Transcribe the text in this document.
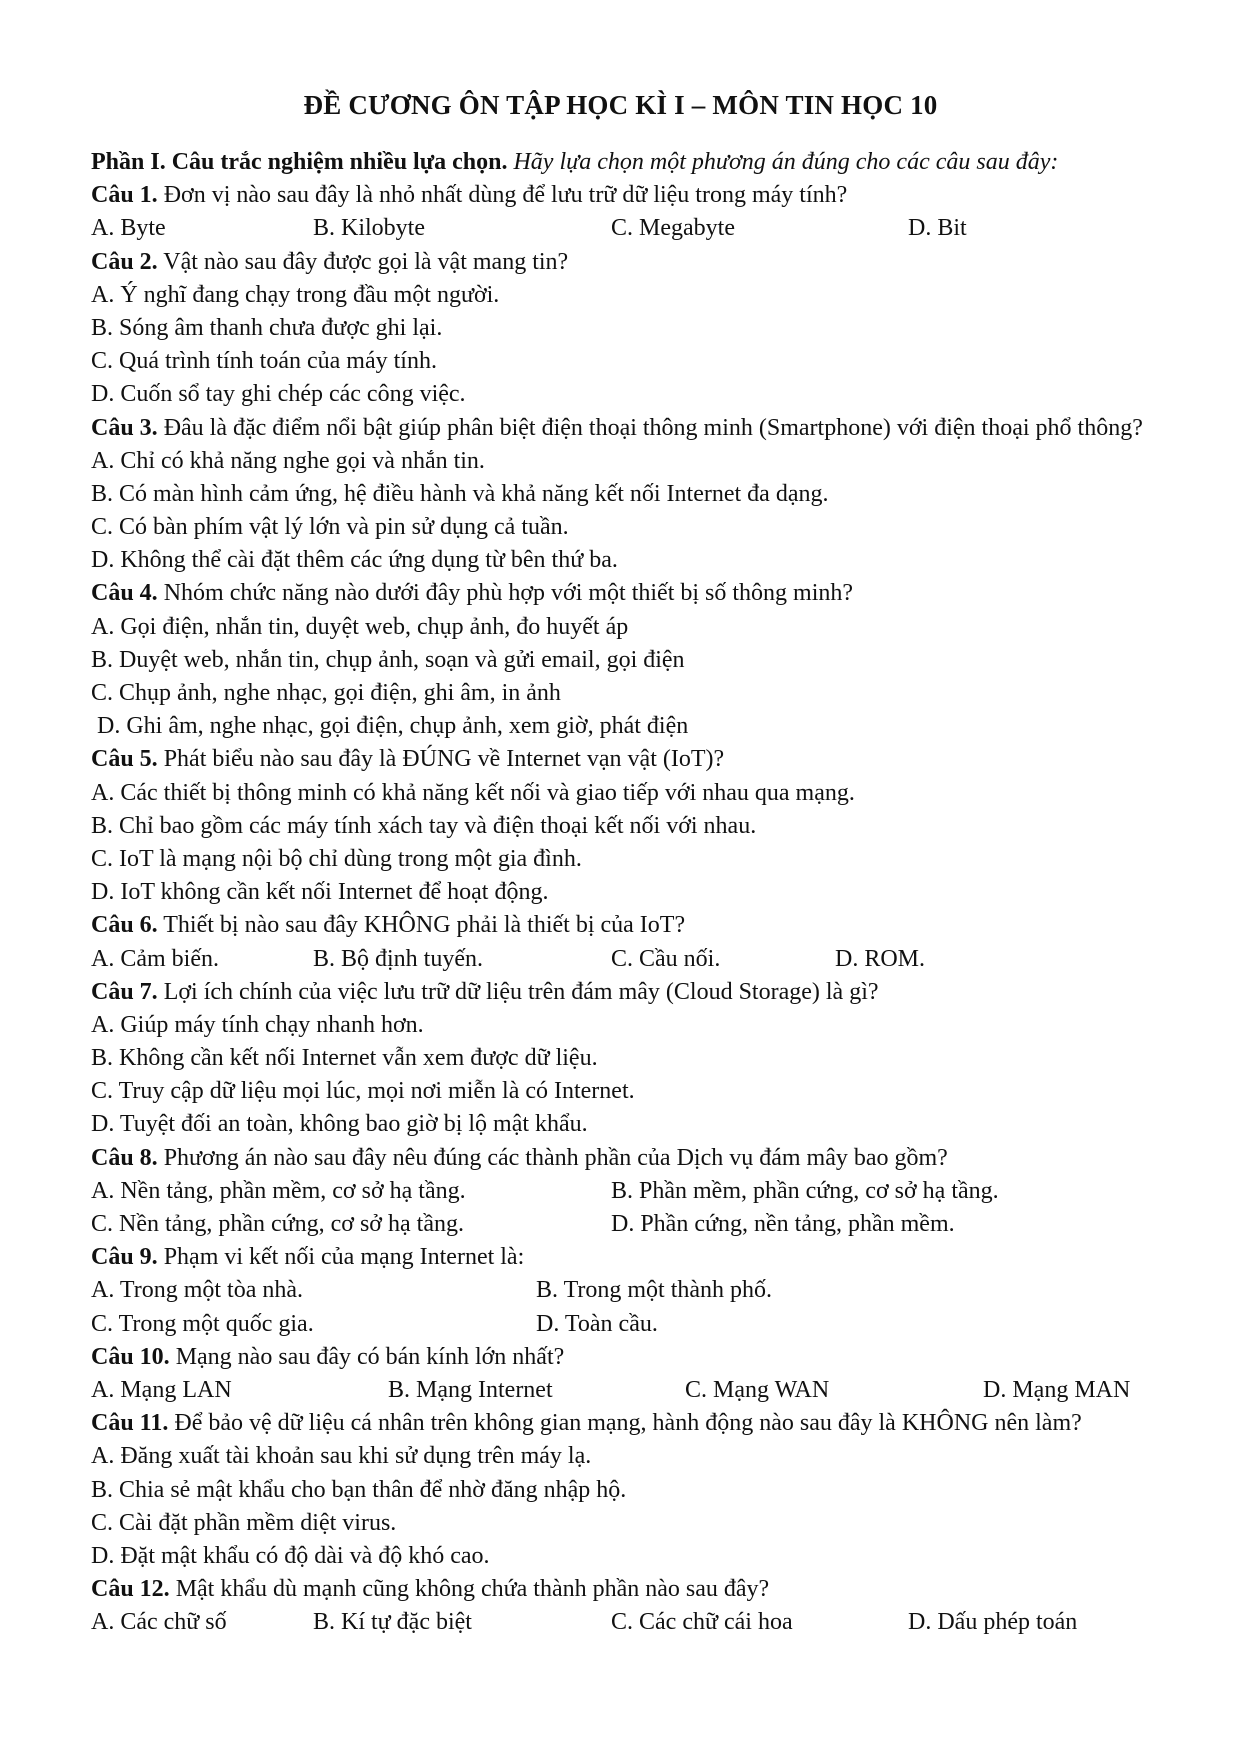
ĐỀ CƯƠNG ÔN TẬP HỌC KÌ I – MÔN TIN HỌC 10
Phần I. Câu trắc nghiệm nhiều lựa chọn. Hãy lựa chọn một phương án đúng cho các câu sau đây:
Câu 1. Đơn vị nào sau đây là nhỏ nhất dùng để lưu trữ dữ liệu trong máy tính?
A. Byte	B. Kilobyte	C. Megabyte	D. Bit
Câu 2. Vật nào sau đây được gọi là vật mang tin?
A. Ý nghĩ đang chạy trong đầu một người.
B. Sóng âm thanh chưa được ghi lại.
C. Quá trình tính toán của máy tính.
D. Cuốn sổ tay ghi chép các công việc.
Câu 3. Đâu là đặc điểm nổi bật giúp phân biệt điện thoại thông minh (Smartphone) với điện thoại phổ thông?
A. Chỉ có khả năng nghe gọi và nhắn tin.
B. Có màn hình cảm ứng, hệ điều hành và khả năng kết nối Internet đa dạng.
C. Có bàn phím vật lý lớn và pin sử dụng cả tuần.
D. Không thể cài đặt thêm các ứng dụng từ bên thứ ba.
Câu 4. Nhóm chức năng nào dưới đây phù hợp với một thiết bị số thông minh?
A. Gọi điện, nhắn tin, duyệt web, chụp ảnh, đo huyết áp
B. Duyệt web, nhắn tin, chụp ảnh, soạn và gửi email, gọi điện
C. Chụp ảnh, nghe nhạc, gọi điện, ghi âm, in ảnh
D. Ghi âm, nghe nhạc, gọi điện, chụp ảnh, xem giờ, phát điện
Câu 5. Phát biểu nào sau đây là ĐÚNG về Internet vạn vật (IoT)?
A. Các thiết bị thông minh có khả năng kết nối và giao tiếp với nhau qua mạng.
B. Chỉ bao gồm các máy tính xách tay và điện thoại kết nối với nhau.
C. IoT là mạng nội bộ chỉ dùng trong một gia đình.
D. IoT không cần kết nối Internet để hoạt động.
Câu 6. Thiết bị nào sau đây KHÔNG phải là thiết bị của IoT?
A. Cảm biến.	B. Bộ định tuyến.	C. Cầu nối.	D. ROM.
Câu 7. Lợi ích chính của việc lưu trữ dữ liệu trên đám mây (Cloud Storage) là gì?
A. Giúp máy tính chạy nhanh hơn.
B. Không cần kết nối Internet vẫn xem được dữ liệu.
C. Truy cập dữ liệu mọi lúc, mọi nơi miễn là có Internet.
D. Tuyệt đối an toàn, không bao giờ bị lộ mật khẩu.
Câu 8. Phương án nào sau đây nêu đúng các thành phần của Dịch vụ đám mây bao gồm?
A. Nền tảng, phần mềm, cơ sở hạ tầng.	B. Phần mềm, phần cứng, cơ sở hạ tầng.
C. Nền tảng, phần cứng, cơ sở hạ tầng.	D. Phần cứng, nền tảng, phần mềm.
Câu 9. Phạm vi kết nối của mạng Internet là:
A. Trong một tòa nhà.	B. Trong một thành phố.
C. Trong một quốc gia.	D. Toàn cầu.
Câu 10. Mạng nào sau đây có bán kính lớn nhất?
A. Mạng LAN	B. Mạng Internet	C. Mạng WAN	D. Mạng MAN
Câu 11. Để bảo vệ dữ liệu cá nhân trên không gian mạng, hành động nào sau đây là KHÔNG nên làm?
A. Đăng xuất tài khoản sau khi sử dụng trên máy lạ.
B. Chia sẻ mật khẩu cho bạn thân để nhờ đăng nhập hộ.
C. Cài đặt phần mềm diệt virus.
D. Đặt mật khẩu có độ dài và độ khó cao.
Câu 12. Mật khẩu dù mạnh cũng không chứa thành phần nào sau đây?
A. Các chữ số	B. Kí tự đặc biệt	C. Các chữ cái hoa	D. Dấu phép toán
